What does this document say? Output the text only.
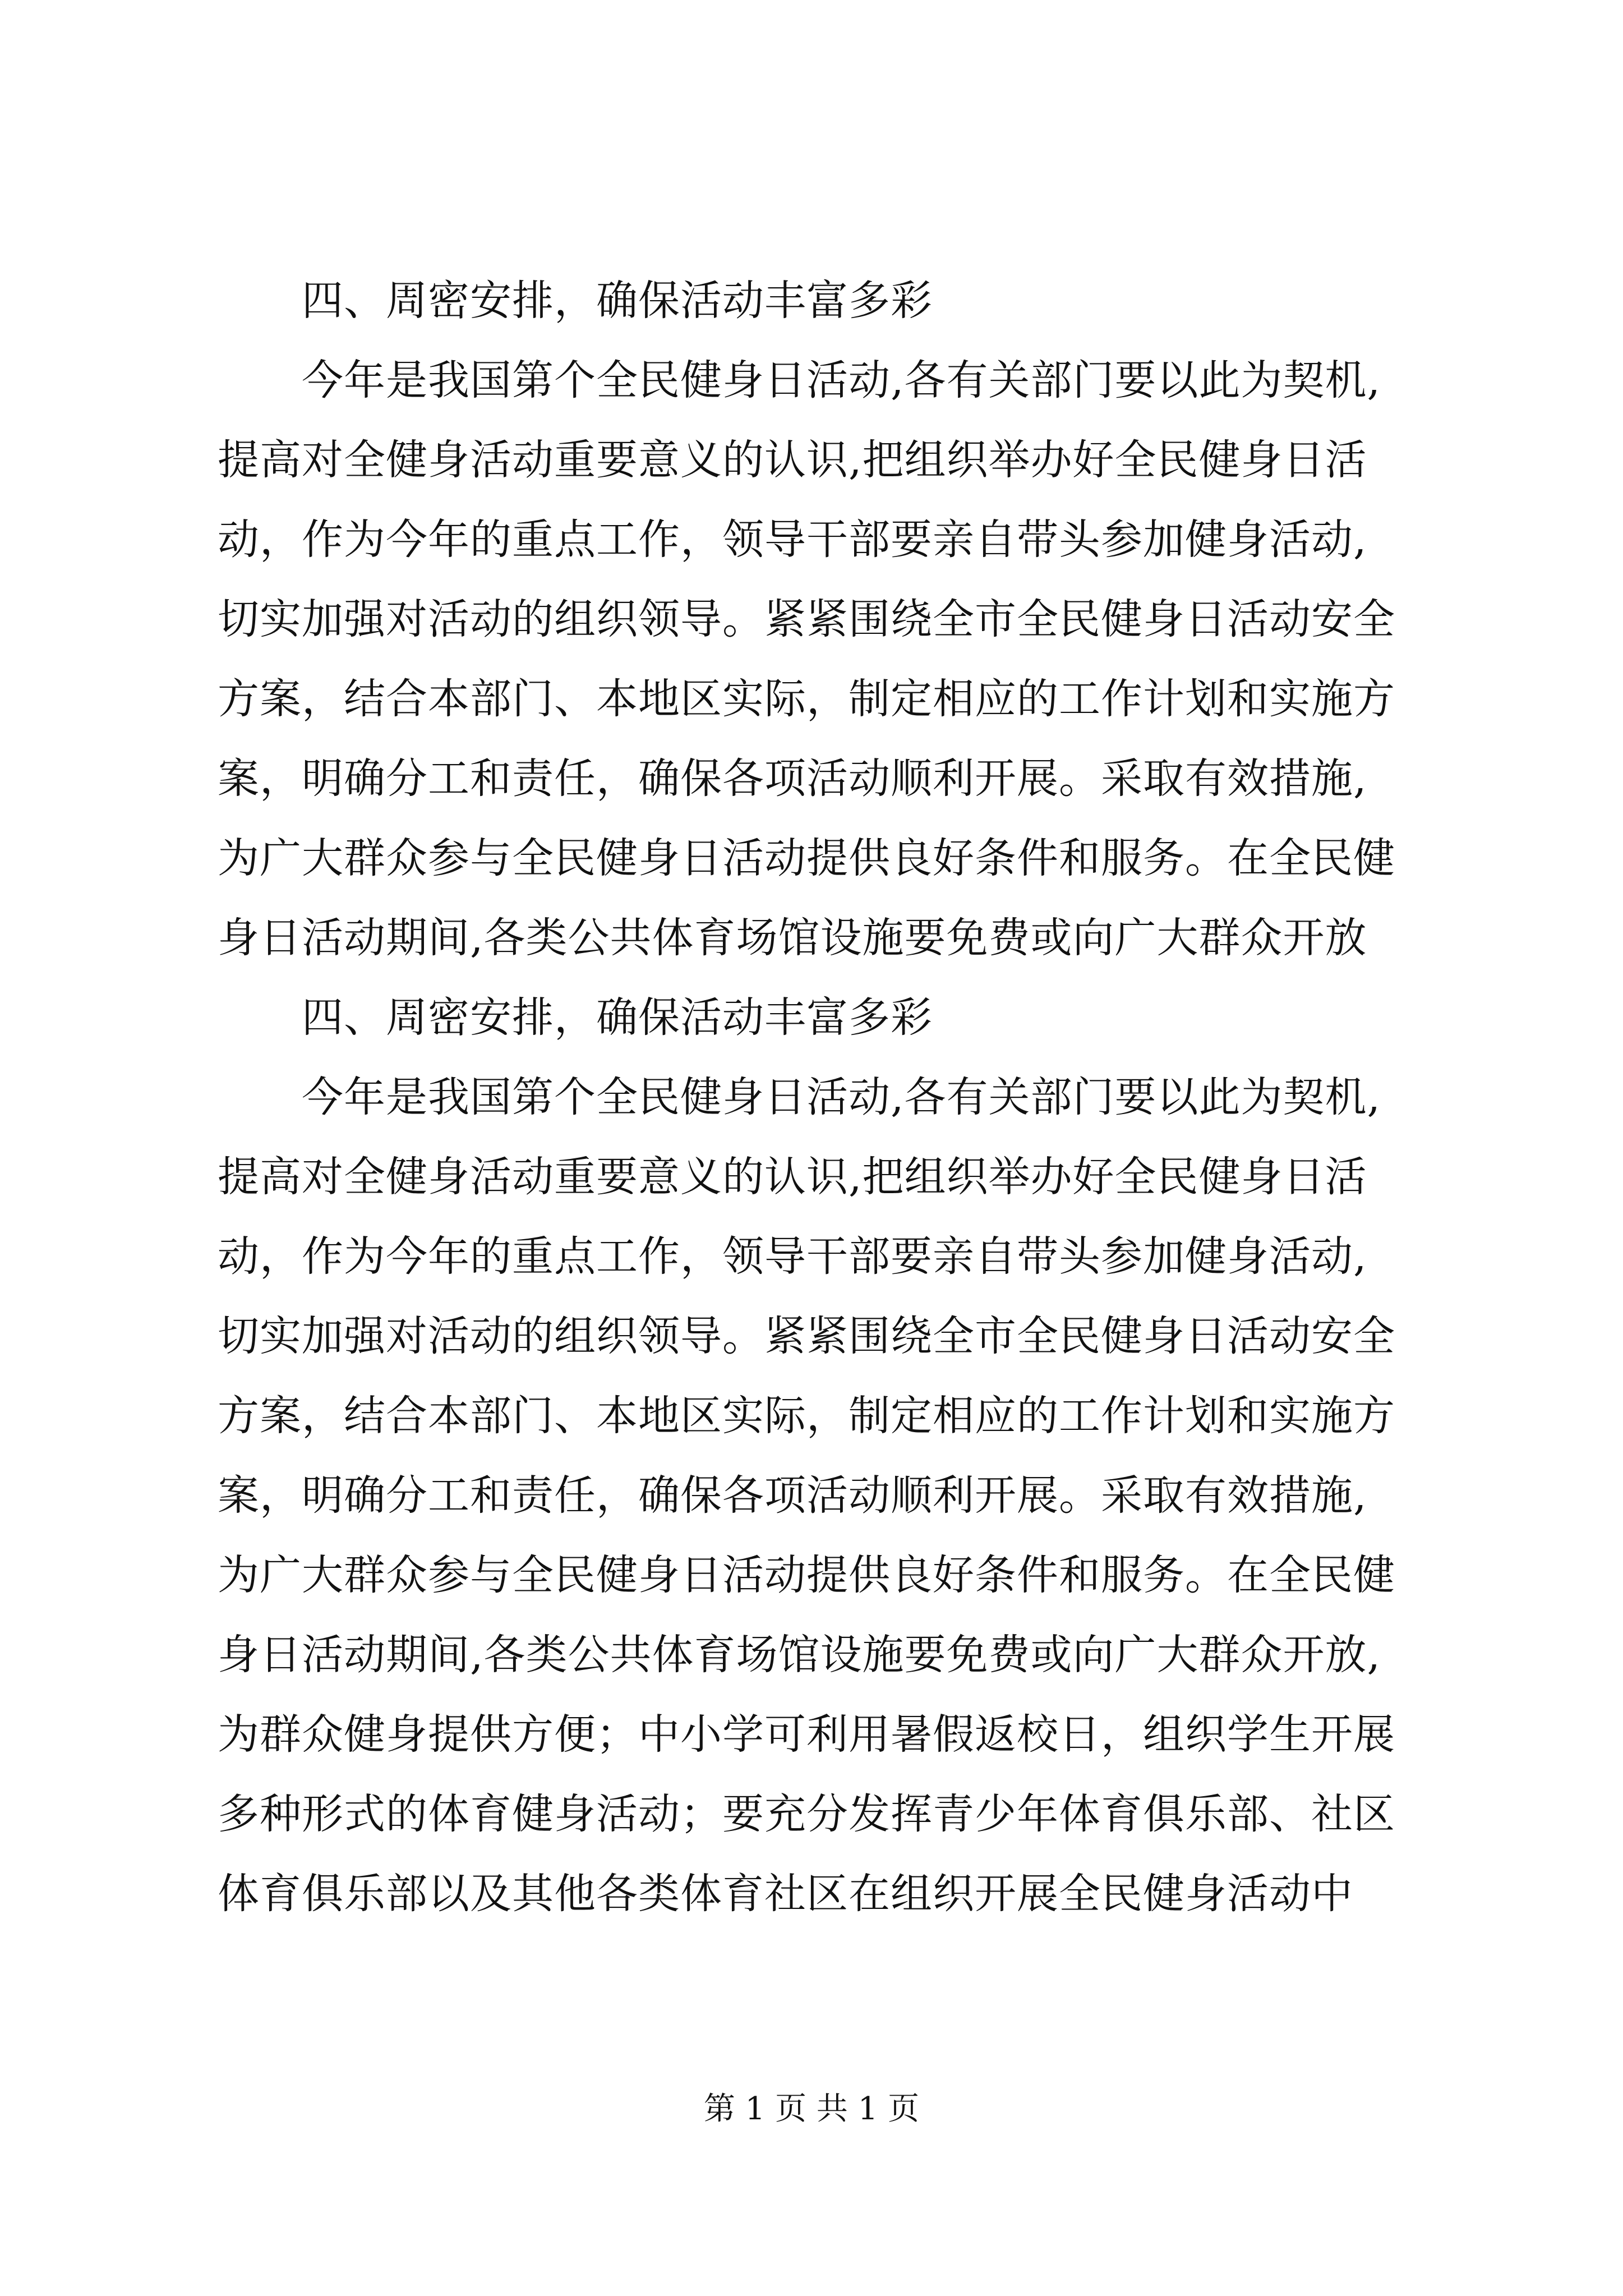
四、周密安排，确保活动丰富多彩
今年是我国第个全民健身日活动,各有关部门要以此为契机,
提高对全健身活动重要意义的认识,把组织举办好全民健身日活
动，作为今年的重点工作，领导干部要亲自带头参加健身活动,
切实加强对活动的组织领导。紧紧围绕全市全民健身日活动安全
方案，结合本部门、本地区实际，制定相应的工作计划和实施方
案，明确分工和责任，确保各项活动顺利开展。采取有效措施,
为广大群众参与全民健身日活动提供良好条件和服务。在全民健
身日活动期间,各类公共体育场馆设施要免费或向广大群众开放
四、周密安排，确保活动丰富多彩
今年是我国第个全民健身日活动,各有关部门要以此为契机,
提高对全健身活动重要意义的认识,把组织举办好全民健身日活
动，作为今年的重点工作，领导干部要亲自带头参加健身活动,
切实加强对活动的组织领导。紧紧围绕全市全民健身日活动安全
方案，结合本部门、本地区实际，制定相应的工作计划和实施方
案，明确分工和责任，确保各项活动顺利开展。采取有效措施,
为广大群众参与全民健身日活动提供良好条件和服务。在全民健
身日活动期间,各类公共体育场馆设施要免费或向广大群众开放,
为群众健身提供方便；中小学可利用暑假返校日，组织学生开展
多种形式的体育健身活动；要充分发挥青少年体育俱乐部、社区
体育俱乐部以及其他各类体育社区在组织开展全民健身活动中
第 1 页 共 1 页
